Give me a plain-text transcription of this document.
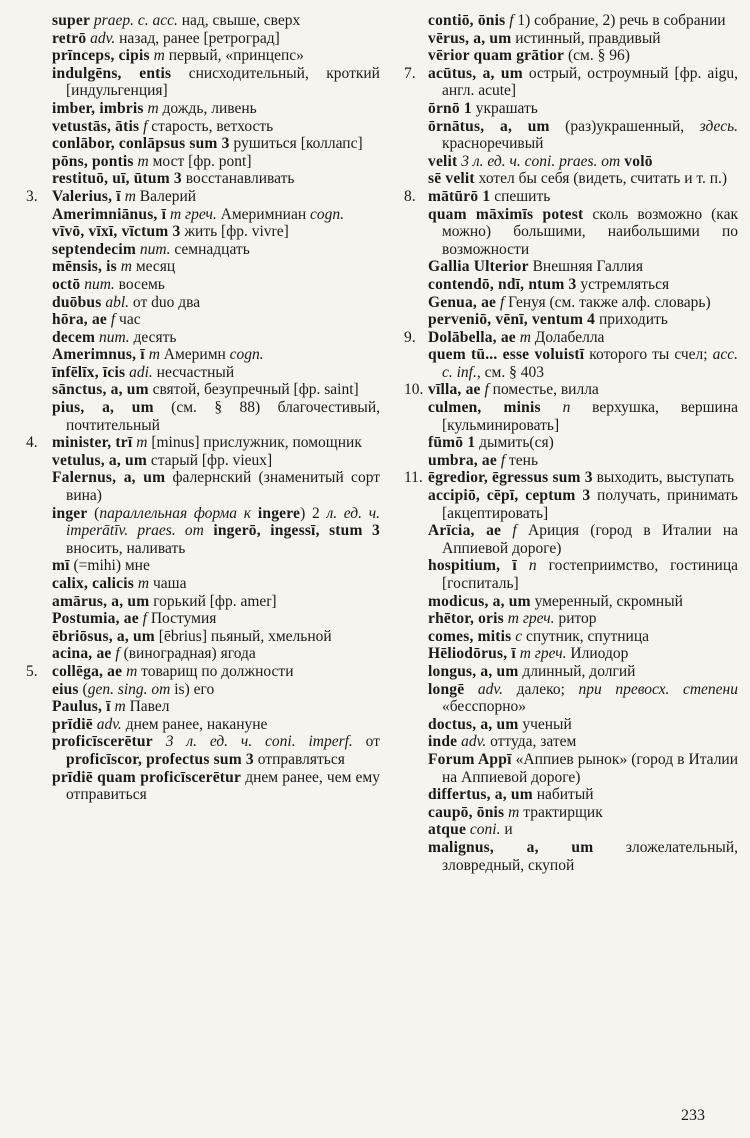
super praep. c. acc. над, свыше, сверх
retrō adv. назад, ранее [ретроград]
prīnceps, cipis m первый, «принцепс»
indulgēns, entis снисходительный, кроткий [индульгенция]
imber, imbris m дождь, ливень
vetustās, ātis f старость, ветхость
conlābor, conlāpsus sum 3 рушиться [коллапс]
pōns, pontis m мост [фр. pont]
restituō, uī, ūtum 3 восстанавливать
3. Valerius, ī m Валерий
Amerimniānus, ī m греч. Америмниан cogn.
vīvō, vīxī, vīctum 3 жить [фр. vivre]
septendecim num. семнадцать
mēnsis, is m месяц
octō num. восемь
duōbus abl. от duo два
hōra, ae f час
decem num. десять
Amerimnus, ī m Америмн cogn.
īnfēlīx, īcis adi. несчастный
sānctus, a, um святой, безупречный [фр. saint]
pius, a, um (см. § 88) благочестивый, почтительный
4. minister, trī m [minus] прислужник, помощник
vetulus, a, um старый [фр. vieux]
Falernus, a, um фалернский (знаменитый сорт вина)
inger (параллельная форма к ingere) 2 л. ед. ч. imperātīv. praes. om ingerō, ingessī, stum 3 вносить, наливать
mī (=mihi) мне
calix, calicis m чаша
amārus, a, um горький [фр. amer]
Postumia, ae f Постумия
ēbriōsus, a, um [ēbrius] пьяный, хмельной
acina, ae f (виноградная) ягода
5. collēga, ae m товарищ по должности
eius (gen. sing. om is) его
Paulus, ī m Павел
prīdiē adv. днем ранее, накануне
proficīscerētur 3 л. ед. ч. coni. imperf. от proficīscor, profectus sum 3 отправляться
prīdiē quam proficīscerētur днем ранее, чем ему отправиться
contiō, ōnis f 1) собрание, 2) речь в собрании
vērus, a, um истинный, правдивый
vērior quam grātior (см. § 96)
7. acūtus, a, um острый, остроумный [фр. aigu, англ. acute]
ōrnō 1 украшать
ōrnātus, a, um (раз)украшенный, здесь. красноречивый
velit 3 л. ед. ч. coni. praes. om volō
sē velit хотел бы себя (видеть, считать и т. п.)
8. mātūrō 1 спешить
quam māximīs potest сколь возможно (как можно) большими, наибольшими по возможности
Gallia Ulterior Внешняя Галлия
contendō, ndī, ntum 3 устремляться
Genua, ae f Генуя (см. также алф. словарь)
perveniō, vēnī, ventum 4 приходить
9. Dolābella, ae m Долабелла
quem tū... esse voluistī которого ты счел; acc. c. inf., см. § 403
10. vīlla, ae f поместье, вилла
culmen, minis n верхушка, вершина [кульминировать]
fūmō 1 дымить(ся)
umbra, ae f тень
11. ēgredior, ēgressus sum 3 выходить, выступать
accipiō, cēpī, ceptum 3 получать, принимать [акцептировать]
Arīcia, ae f Ариция (город в Италии на Аппиевой дороге)
hospitium, ī n гостеприимство, гостиница [госпиталь]
modicus, a, um умеренный, скромный
rhētor, oris m греч. ритор
comes, mitis c спутник, спутница
Hēliodōrus, ī m греч. Илиодор
longus, a, um длинный, долгий
longē adv. далеко; при превосх. степени «бесспорно»
doctus, a, um ученый
inde adv. оттуда, затем
Forum Appī «Аппиев рынок» (город в Италии на Аппиевой дороге)
differtus, a, um набитый
caupō, ōnis m трактирщик
atque coni. и
malignus, a, um зложелательный, зловредный, скупой
233
